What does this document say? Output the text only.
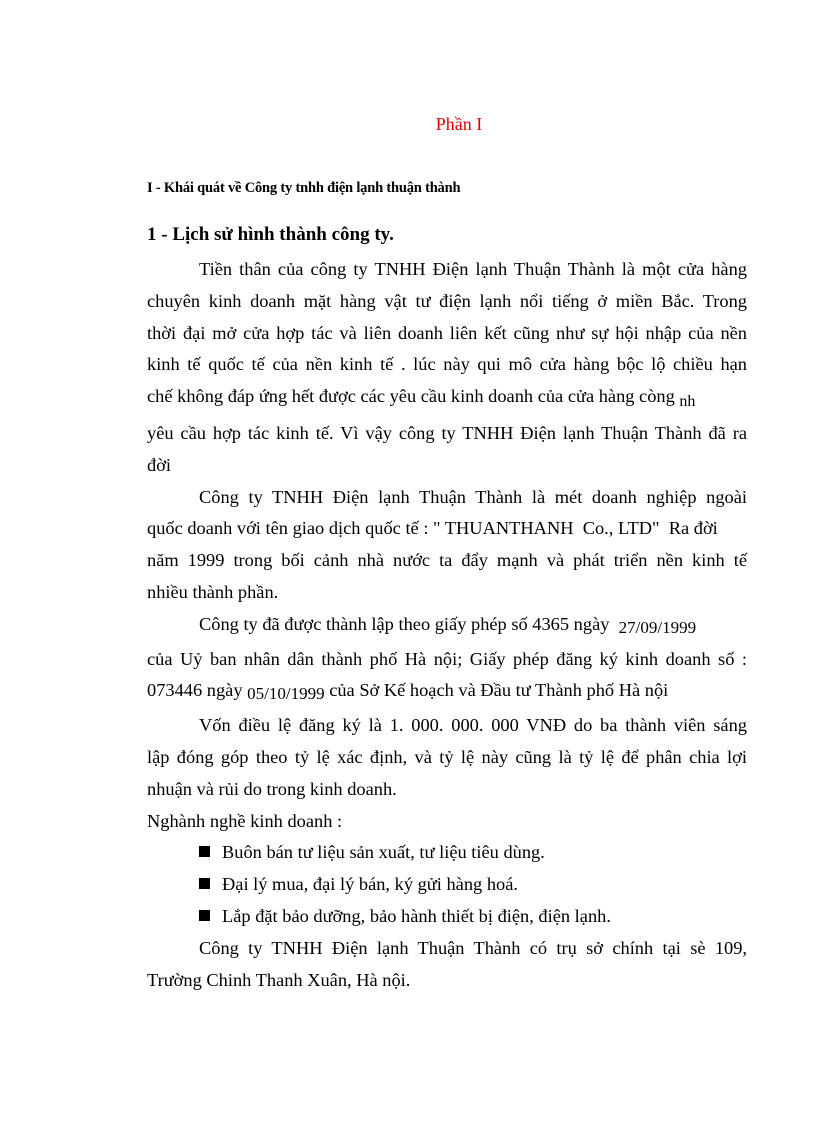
Phần I
I - Khái quát về Công ty tnhh điện lạnh thuận thành
1 - Lịch sử hình thành công ty.
Tiền thân của công ty TNHH Điện lạnh Thuận Thành là một cửa hàng
chuyên kinh doanh mặt hàng vật tư điện lạnh nổi tiếng ở miền Bắc. Trong
thời đại mở cửa hợp tác và liên doanh liên kết cũng như sự hội nhập của nền
kinh tế quốc tế của nền kinh tế . lúc này qui mô cửa hàng bộc lộ chiều hạn
chế không đáp ứng hết được các yêu cầu kinh doanh của cửa hàng còng nh
yêu cầu hợp tác kinh tế. Vì vậy công ty TNHH Điện lạnh Thuận Thành đã ra
đời
Công ty TNHH Điện lạnh Thuận Thành là mét doanh nghiệp ngoài
quốc doanh với tên giao dịch quốc tế : " THUANTHANH  Co., LTD"  Ra đời
năm 1999 trong bối cảnh nhà nước ta đẩy mạnh và phát triển nền kinh tế
nhiều thành phần.
Công ty đã được thành lập theo giấy phép số 4365 ngày 27/09/1999
của Uỷ ban nhân dân thành phố Hà nội; Giấy phép đăng ký kinh doanh số :
073446 ngày 05/10/1999 của Sở Kế hoạch và Đầu tư Thành phố Hà nội
Vốn điều lệ đăng ký là 1. 000. 000. 000 VNĐ do ba thành viên sáng
lập đóng góp theo tỷ lệ xác định, và tỷ lệ này cũng là tỷ lệ để phân chia lợi
nhuận và rủi do trong kinh doanh.
Nghành nghề kinh doanh :
Buôn bán tư liệu sản xuất, tư liệu tiêu dùng.
Đại lý mua, đại lý bán, ký gửi hàng hoá.
Lắp đặt bảo dưỡng, bảo hành thiết bị điện, điện lạnh.
Công ty TNHH Điện lạnh Thuận Thành có trụ sở chính tại sè 109,
Trường Chinh Thanh Xuân, Hà nội.
